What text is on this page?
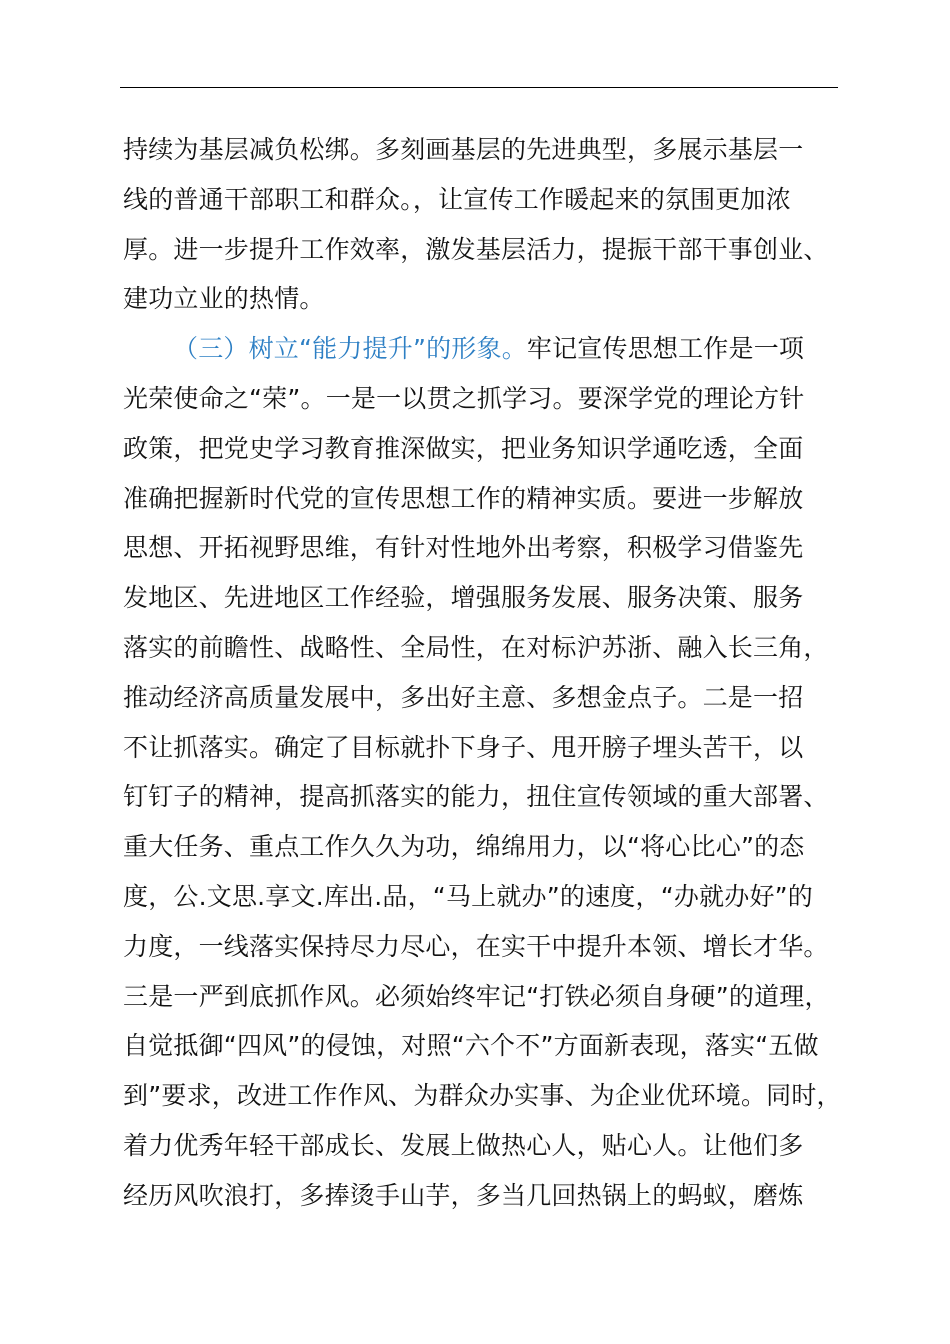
持续为基层减负松绑。多刻画基层的先进典型，多展示基层一
线的普通干部职工和群众。，让宣传工作暖起来的氛围更加浓
厚。进一步提升工作效率，激发基层活力，提振干部干事创业、
建功立业的热情。
（三）树立“能力提升”的形象。牢记宣传思想工作是一项
光荣使命之“荣”。一是一以贯之抓学习。要深学党的理论方针
政策，把党史学习教育推深做实，把业务知识学通吃透，全面
准确把握新时代党的宣传思想工作的精神实质。要进一步解放
思想、开拓视野思维，有针对性地外出考察，积极学习借鉴先
发地区、先进地区工作经验，增强服务发展、服务决策、服务
落实的前瞻性、战略性、全局性，在对标沪苏浙、融入长三角，
推动经济高质量发展中，多出好主意、多想金点子。二是一招
不让抓落实。确定了目标就扑下身子、甩开膀子埋头苦干，以
钉钉子的精神，提高抓落实的能力，扭住宣传领域的重大部署、
重大任务、重点工作久久为功，绵绵用力，以“将心比心”的态
度，公.文思.享文.库出.品，“马上就办”的速度，“办就办好”的
力度，一线落实保持尽力尽心，在实干中提升本领、增长才华。
三是一严到底抓作风。必须始终牢记“打铁必须自身硬”的道理，
自觉抵御“四风”的侵蚀，对照“六个不”方面新表现，落实“五做
到”要求，改进工作作风、为群众办实事、为企业优环境。同时，
着力优秀年轻干部成长、发展上做热心人，贴心人。让他们多
经历风吹浪打，多捧烫手山芋，多当几回热锅上的蚂蚁，磨炼
